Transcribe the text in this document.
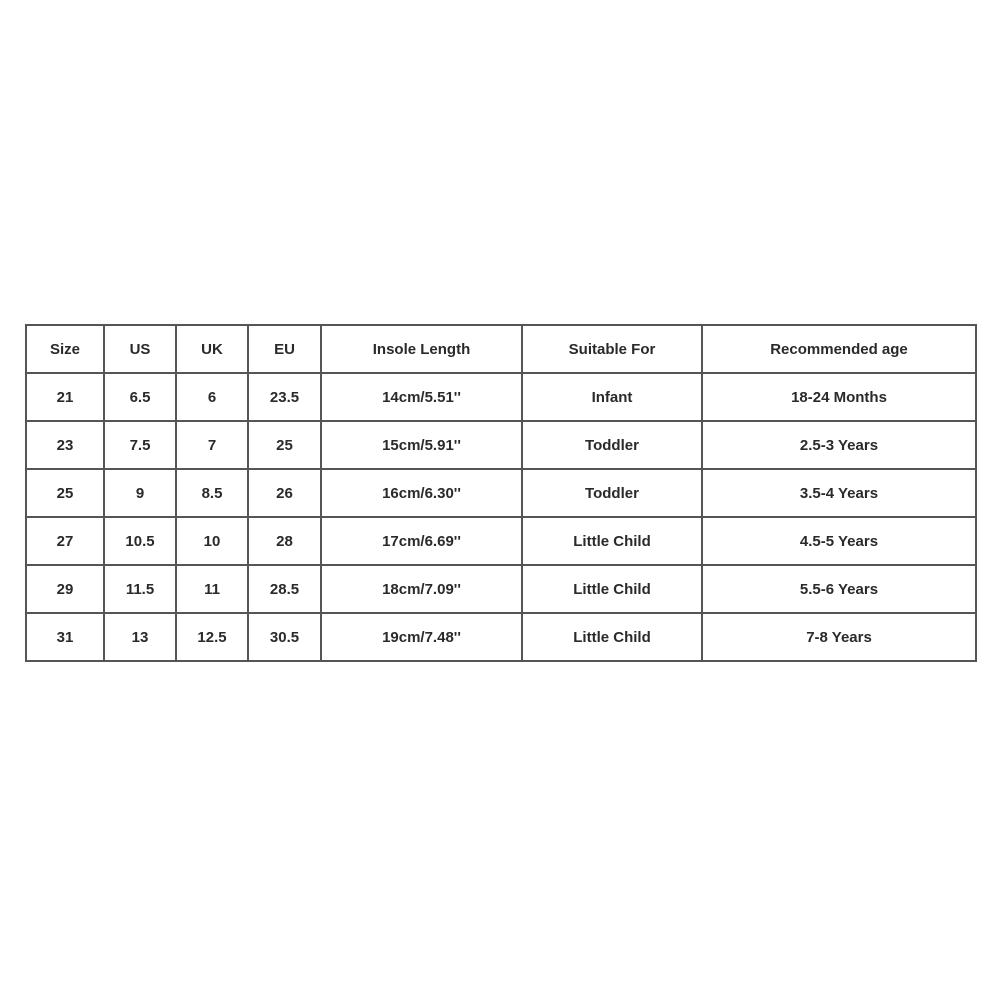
Size	US	UK	EU	Insole Length	Suitable For	Recommended age
21	6.5	6	23.5	14cm/5.51''	Infant	18-24 Months
23	7.5	7	25	15cm/5.91''	Toddler	2.5-3 Years
25	9	8.5	26	16cm/6.30''	Toddler	3.5-4 Years
27	10.5	10	28	17cm/6.69''	Little Child	4.5-5 Years
29	11.5	11	28.5	18cm/7.09''	Little Child	5.5-6 Years
31	13	12.5	30.5	19cm/7.48''	Little Child	7-8 Years
